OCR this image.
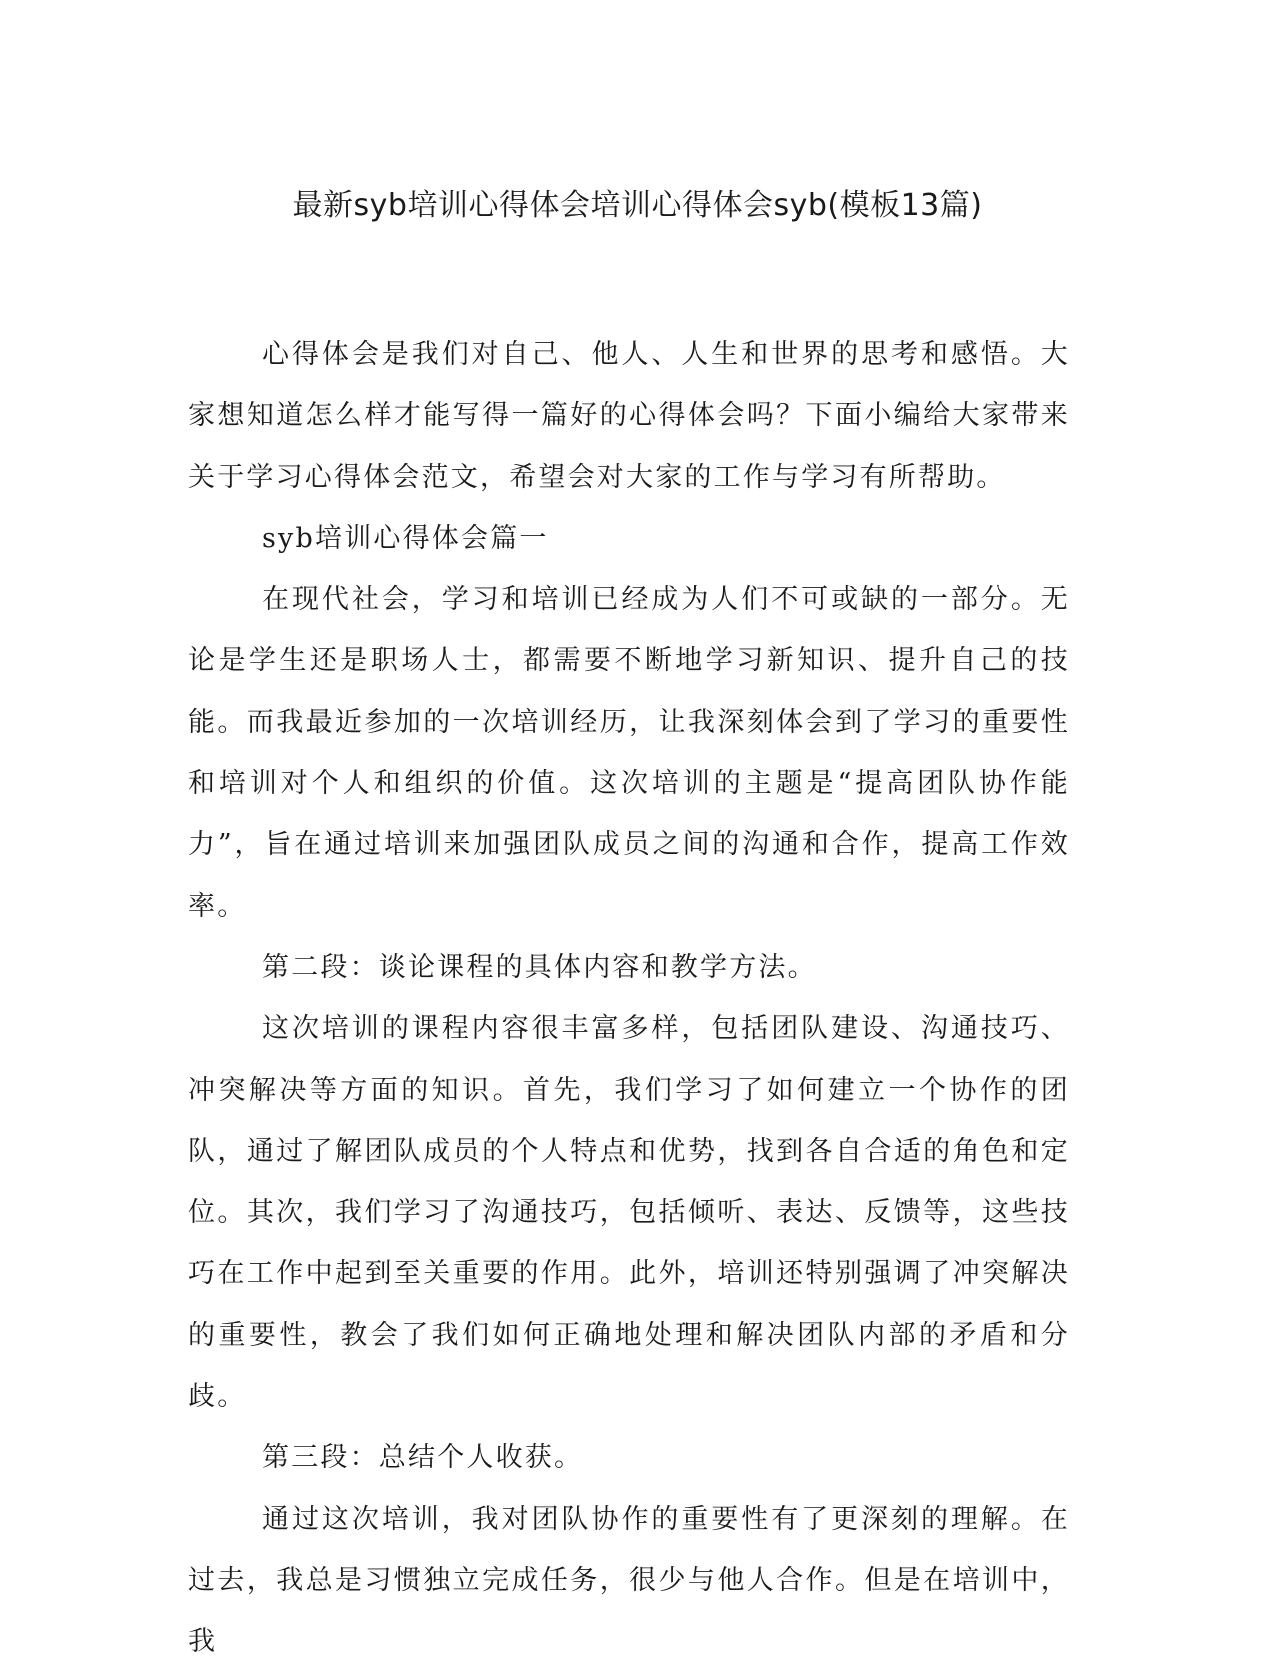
最新syb培训心得体会培训心得体会syb(模板13篇)

心得体会是我们对自己、他人、人生和世界的思考和感悟。大家想知道怎么样才能写得一篇好的心得体会吗？下面小编给大家带来关于学习心得体会范文，希望会对大家的工作与学习有所帮助。

syb培训心得体会篇一

在现代社会，学习和培训已经成为人们不可或缺的一部分。无论是学生还是职场人士，都需要不断地学习新知识、提升自己的技能。而我最近参加的一次培训经历，让我深刻体会到了学习的重要性和培训对个人和组织的价值。这次培训的主题是“提高团队协作能力”，旨在通过培训来加强团队成员之间的沟通和合作，提高工作效率。

第二段：谈论课程的具体内容和教学方法。

这次培训的课程内容很丰富多样，包括团队建设、沟通技巧、冲突解决等方面的知识。首先，我们学习了如何建立一个协作的团队，通过了解团队成员的个人特点和优势，找到各自合适的角色和定位。其次，我们学习了沟通技巧，包括倾听、表达、反馈等，这些技巧在工作中起到至关重要的作用。此外，培训还特别强调了冲突解决的重要性，教会了我们如何正确地处理和解决团队内部的矛盾和分歧。

第三段：总结个人收获。

通过这次培训，我对团队协作的重要性有了更深刻的理解。在过去，我总是习惯独立完成任务，很少与他人合作。但是在培训中，我
